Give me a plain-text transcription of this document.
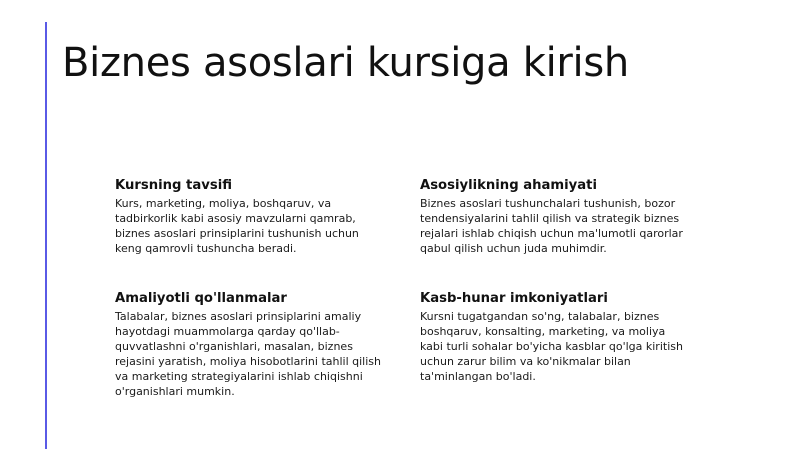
Biznes asoslari kursiga kirish
Kursning tavsifi

Kurs, marketing, moliya, boshqaruv, va tadbirkorlik kabi asosiy mavzularni qamrab, biznes asoslari prinsiplarini tushunish uchun keng qamrovli tushuncha beradi.

Asosiylikning ahamiyati

Biznes asoslari tushunchalari tushunish, bozor tendensiyalarini tahlil qilish va strategik biznes rejalari ishlab chiqish uchun ma'lumotli qarorlar qabul qilish uchun juda muhimdir.

Amaliyotli qo'llanmalar

Talabalar, biznes asoslari prinsiplarini amaliy hayotdagi muammolarga qarday qo'llab-quvvatlashni o'rganishlari, masalan, biznes rejasini yaratish, moliya hisobotlarini tahlil qilish va marketing strategiyalarini ishlab chiqishni o'rganishlari mumkin.

Kasb-hunar imkoniyatlari

Kursni tugatgandan so'ng, talabalar, biznes boshqaruv, konsalting, marketing, va moliya kabi turli sohalar bo'yicha kasblar qo'lga kiritish uchun zarur bilim va ko'nikmalar bilan ta'minlangan bo'ladi.
